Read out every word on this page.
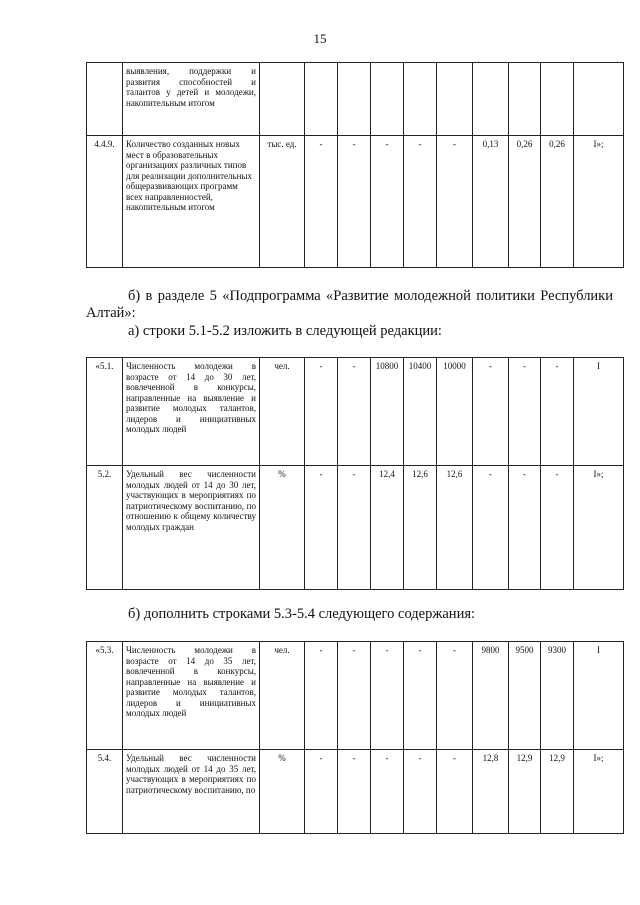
15
	выявления, поддержки и развития способностей и талантов у детей и молодежи, накопительным итогом										
4.4.9.	Количество созданных новых мест в образовательных организациях различных типов для реализации дополнительных общеразвивающих программ всех направленностей, накопительным итогом	тыс. ед.	-	-	-	-	-	0,13	0,26	0,26	I»;
б) в разделе 5 «Подпрограмма «Развитие молодежной политики Республики Алтай»:
а) строки 5.1-5.2 изложить в следующей редакции:
«5.1.	Численность молодежи в возрасте от 14 до 30 лет, вовлеченной в конкурсы, направленные на выявление и развитие молодых талантов, лидеров и инициативных молодых людей	чел.	-	-	10800	10400	10000	-	-	-	I
5.2.	Удельный вес численности молодых людей от 14 до 30 лет, участвующих в мероприятиях по патриотическому воспитанию, по отношению к общему количеству молодых граждан	%	-	-	12,4	12,6	12,6	-	-	-	I»;
б) дополнить строками 5.3-5.4 следующего содержания:
«5.3.	Численность молодежи в возрасте от 14 до 35 лет, вовлеченной в конкурсы, направленные на выявление и развитие молодых талантов, лидеров и инициативных молодых людей	чел.	-	-	-	-	-	9800	9500	9300	I
5.4.	Удельный вес численности молодых людей от 14 до 35 лет, участвующих в мероприятиях по патриотическому воспитанию, по	%	-	-	-	-	-	12,8	12,9	12,9	I»;
